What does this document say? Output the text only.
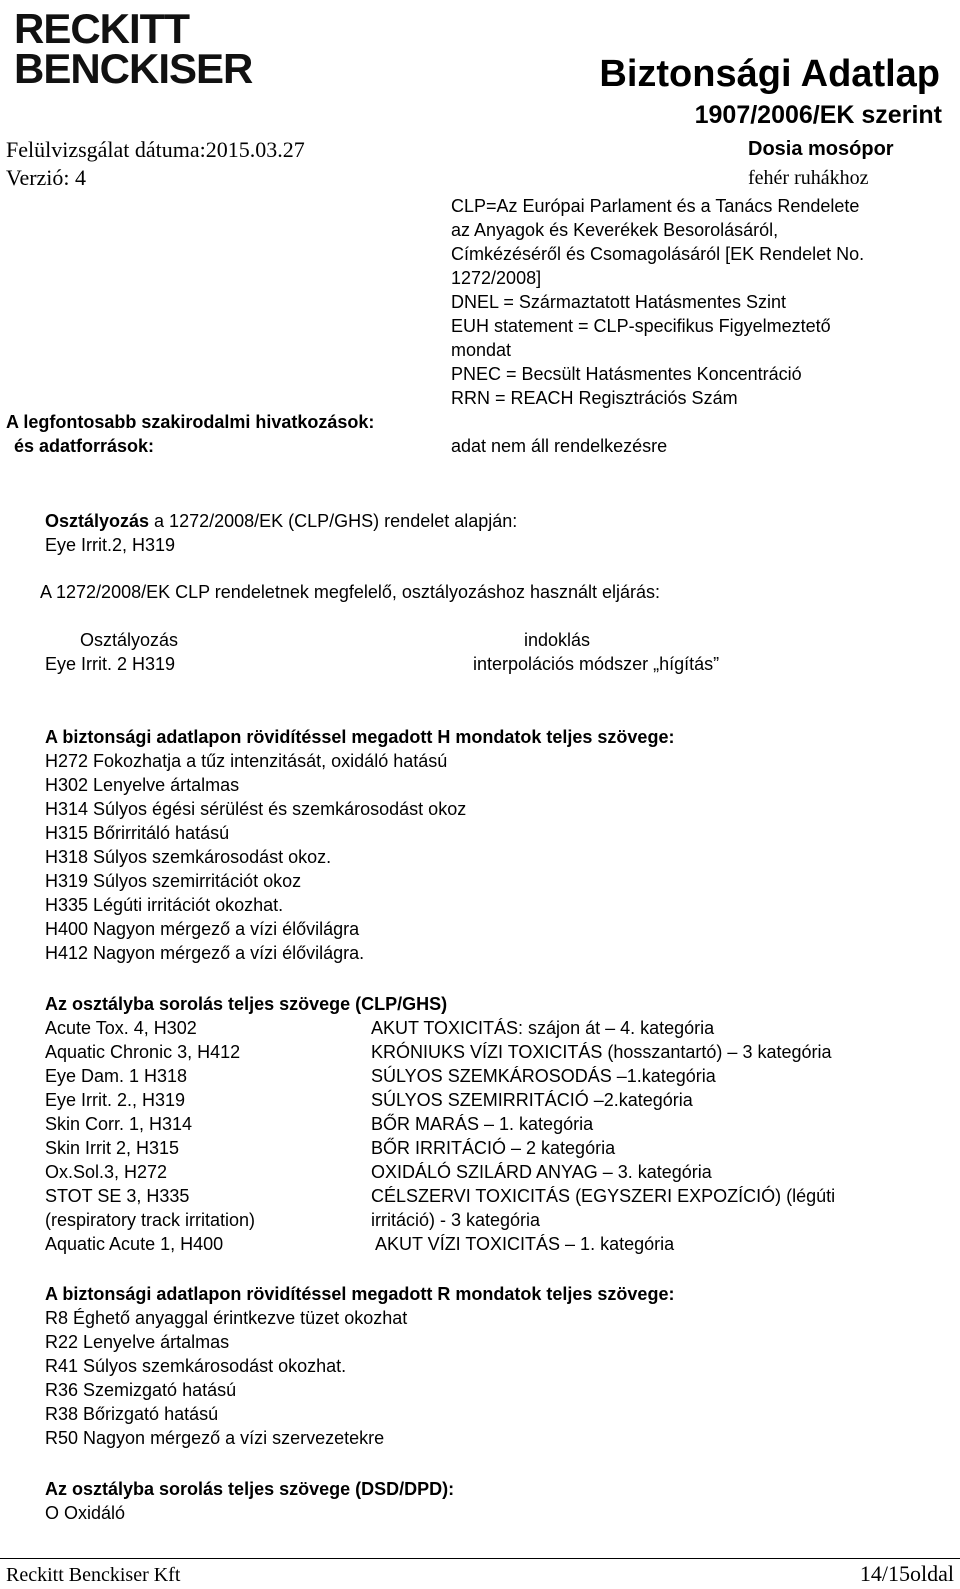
RECKITT
BENCKISER	Biztonsági Adatlap
1907/2006/EK szerint
Dosia mosópor
fehér ruhákhoz
Felülvizsgálat dátuma:2015.03.27
Verzió: 4
CLP=Az Európai Parlament és a Tanács Rendelete
az Anyagok és Keverékek Besorolásáról,
Címkézéséről és Csomagolásáról [EK Rendelet No.
1272/2008]
DNEL = Származtatott Hatásmentes Szint
EUH statement = CLP-specifikus Figyelmeztető
mondat
PNEC = Becsült Hatásmentes Koncentráció
RRN = REACH Regisztrációs Szám
A legfontosabb szakirodalmi hivatkozások:
és adatforrások:	adat nem áll rendelkezésre
Osztályozás a 1272/2008/EK (CLP/GHS) rendelet alapján:
Eye Irrit.2, H319
A 1272/2008/EK CLP rendeletnek megfelelő, osztályozáshoz használt eljárás:
Osztályozás	indoklás
Eye Irrit. 2 H319	interpolációs módszer „hígítás”
A biztonsági adatlapon rövidítéssel megadott H mondatok teljes szövege:
H272 Fokozhatja a tűz intenzitását, oxidáló hatású
H302 Lenyelve ártalmas
H314 Súlyos égési sérülést és szemkárosodást okoz
H315 Bőrirritáló hatású
H318 Súlyos szemkárosodást okoz.
H319 Súlyos szemirritációt okoz
H335 Légúti irritációt okozhat.
H400 Nagyon mérgező a vízi élővilágra
H412 Nagyon mérgező a vízi élővilágra.
Az osztályba sorolás teljes szövege (CLP/GHS)
Acute Tox. 4, H302	AKUT TOXICITÁS: szájon át – 4. kategória
Aquatic Chronic 3, H412	KRÓNIUKS VÍZI TOXICITÁS (hosszantartó) – 3 kategória
Eye Dam. 1 H318	SÚLYOS SZEMKÁROSODÁS –1.kategória
Eye Irrit. 2., H319	SÚLYOS SZEMIRRITÁCIÓ –2.kategória
Skin Corr. 1, H314	BŐR MARÁS – 1. kategória
Skin Irrit 2, H315	BŐR IRRITÁCIÓ – 2 kategória
Ox.Sol.3, H272	OXIDÁLÓ SZILÁRD ANYAG – 3. kategória
STOT SE 3, H335	CÉLSZERVI TOXICITÁS (EGYSZERI EXPOZÍCIÓ) (légúti
(respiratory track irritation)	irritáció) - 3 kategória
Aquatic Acute 1, H400	AKUT VÍZI TOXICITÁS – 1. kategória
A biztonsági adatlapon rövidítéssel megadott R mondatok teljes szövege:
R8 Éghető anyaggal érintkezve tüzet okozhat
R22 Lenyelve ártalmas
R41 Súlyos szemkárosodást okozhat.
R36 Szemizgató hatású
R38 Bőrizgató hatású
R50 Nagyon mérgező a vízi szervezetekre
Az osztályba sorolás teljes szövege (DSD/DPD):
O Oxidáló
Reckitt Benckiser Kft	14/15oldal
